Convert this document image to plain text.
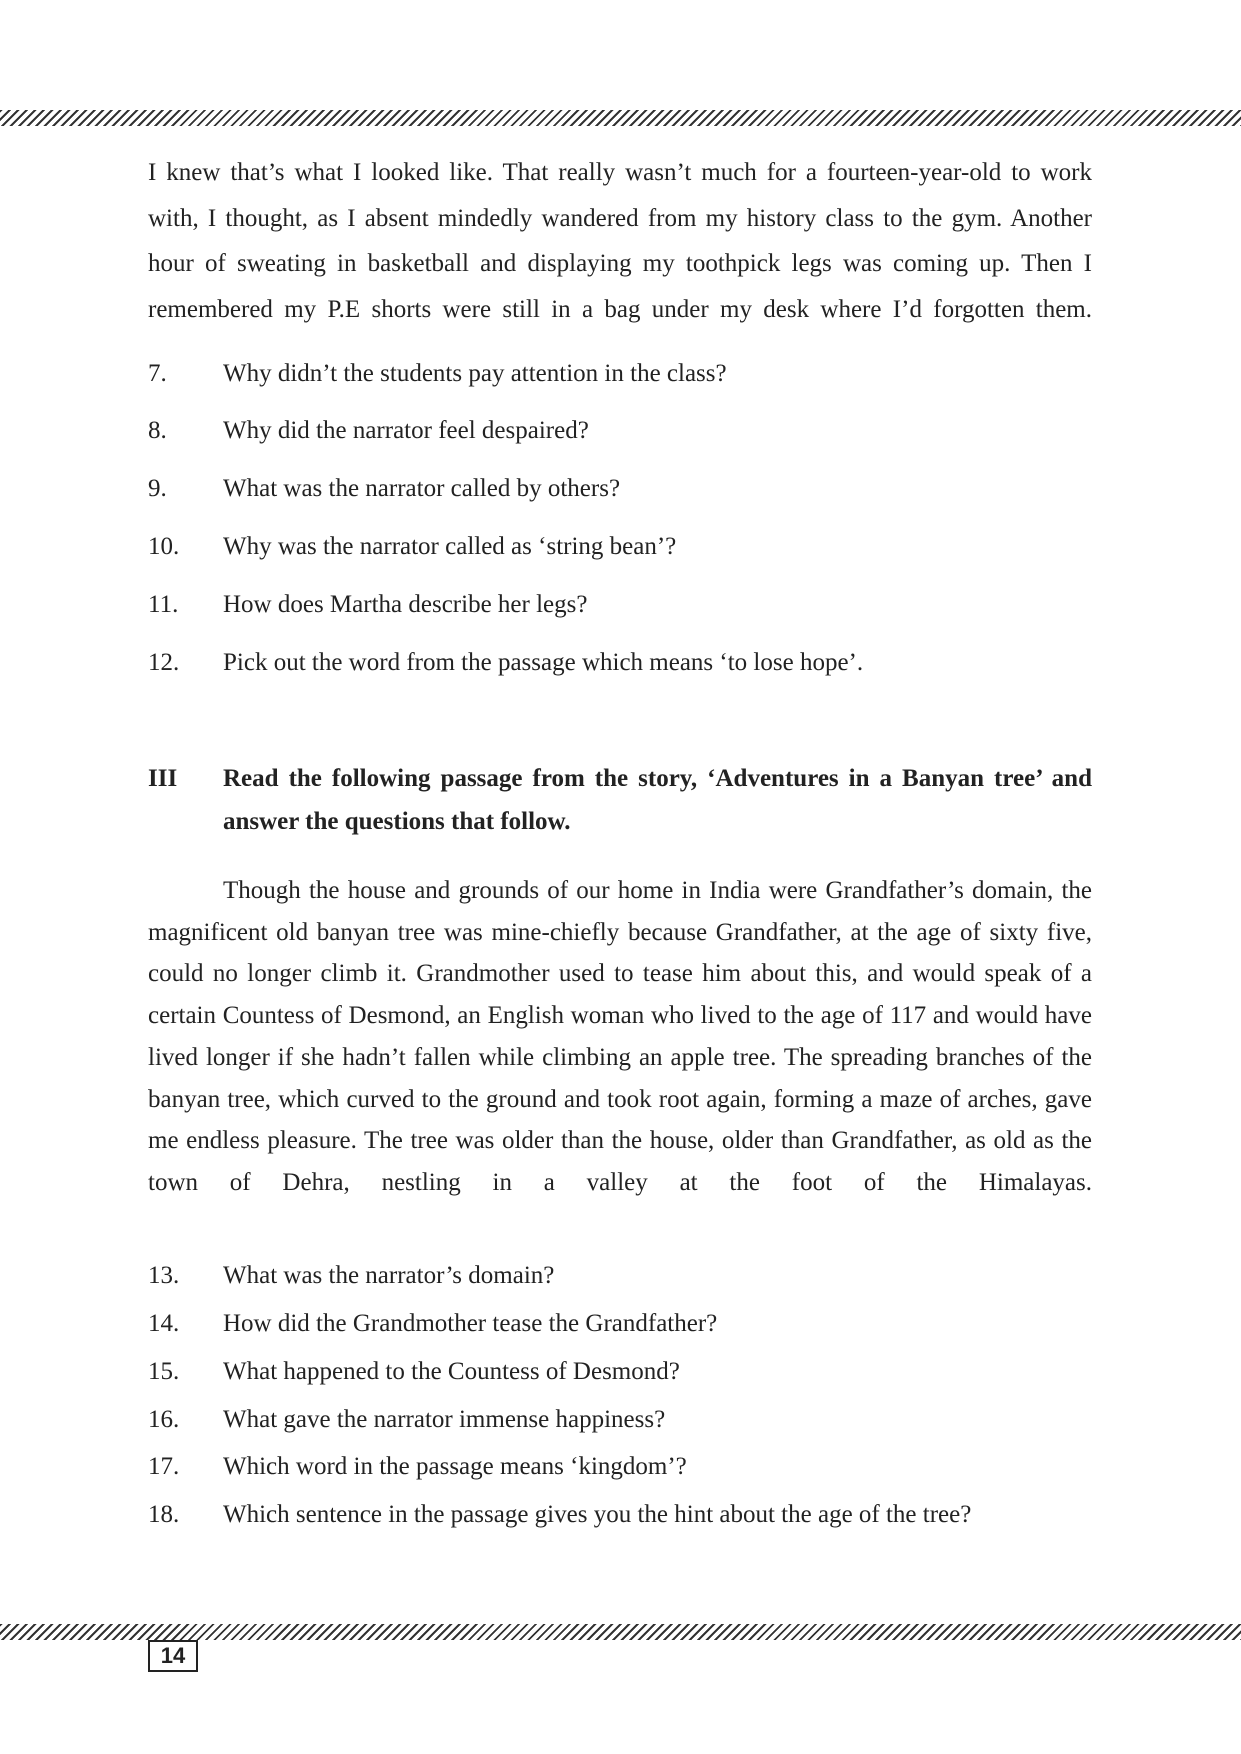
I knew that’s what I looked like. That really wasn’t much for a fourteen-year-old to work with, I thought, as I absent mindedly wandered from my history class to the gym. Another hour of sweating in basketball and displaying my toothpick legs was coming up. Then I remembered my P.E shorts were still in a bag under my desk where I’d forgotten them.

7. Why didn’t the students pay attention in the class?
8. Why did the narrator feel despaired?
9. What was the narrator called by others?
10. Why was the narrator called as ‘string bean’?
11. How does Martha describe her legs?
12. Pick out the word from the passage which means ‘to lose hope’.
III Read the following passage from the story, ‘Adventures in a Banyan tree’ and
answer the questions that follow.

Though the house and grounds of our home in India were Grandfather’s domain, the magnificent old banyan tree was mine-chiefly because Grandfather, at the age of sixty five, could no longer climb it. Grandmother used to tease him about this, and would speak of a certain Countess of Desmond, an English woman who lived to the age of 117 and would have lived longer if she hadn’t fallen while climbing an apple tree. The spreading branches of the banyan tree, which curved to the ground and took root again, forming a maze of arches, gave me endless pleasure. The tree was older than the house, older than Grandfather, as old as the town of Dehra, nestling in a valley at the foot of the Himalayas.

13. What was the narrator’s domain?
14. How did the Grandmother tease the Grandfather?
15. What happened to the Countess of Desmond?
16. What gave the narrator immense happiness?
17. Which word in the passage means ‘kingdom’?
18. Which sentence in the passage gives you the hint about the age of the tree?
14
